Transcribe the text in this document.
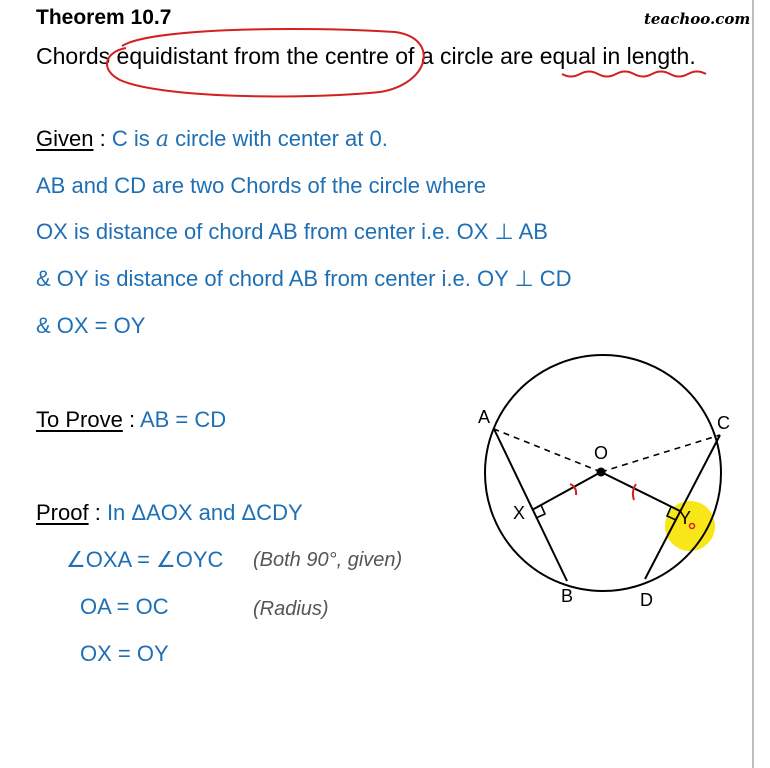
Theorem 10.7	teachoo.com
Chords equidistant from the centre of a circle are equal in length.
Given : C is a circle with center at 0.
AB and CD are two Chords of the circle where
OX is distance of chord AB from center i.e. OX ⊥ AB
& OY is distance of chord AB from center i.e. OY ⊥ CD
& OX = OY
To Prove : AB = CD
Proof : In ΔAOX and ΔCDY
∠OXA = ∠OYC (Both 90°, given)
OA = OC	(Radius)
OX = OY
A
B
C
D
O
X	Y
